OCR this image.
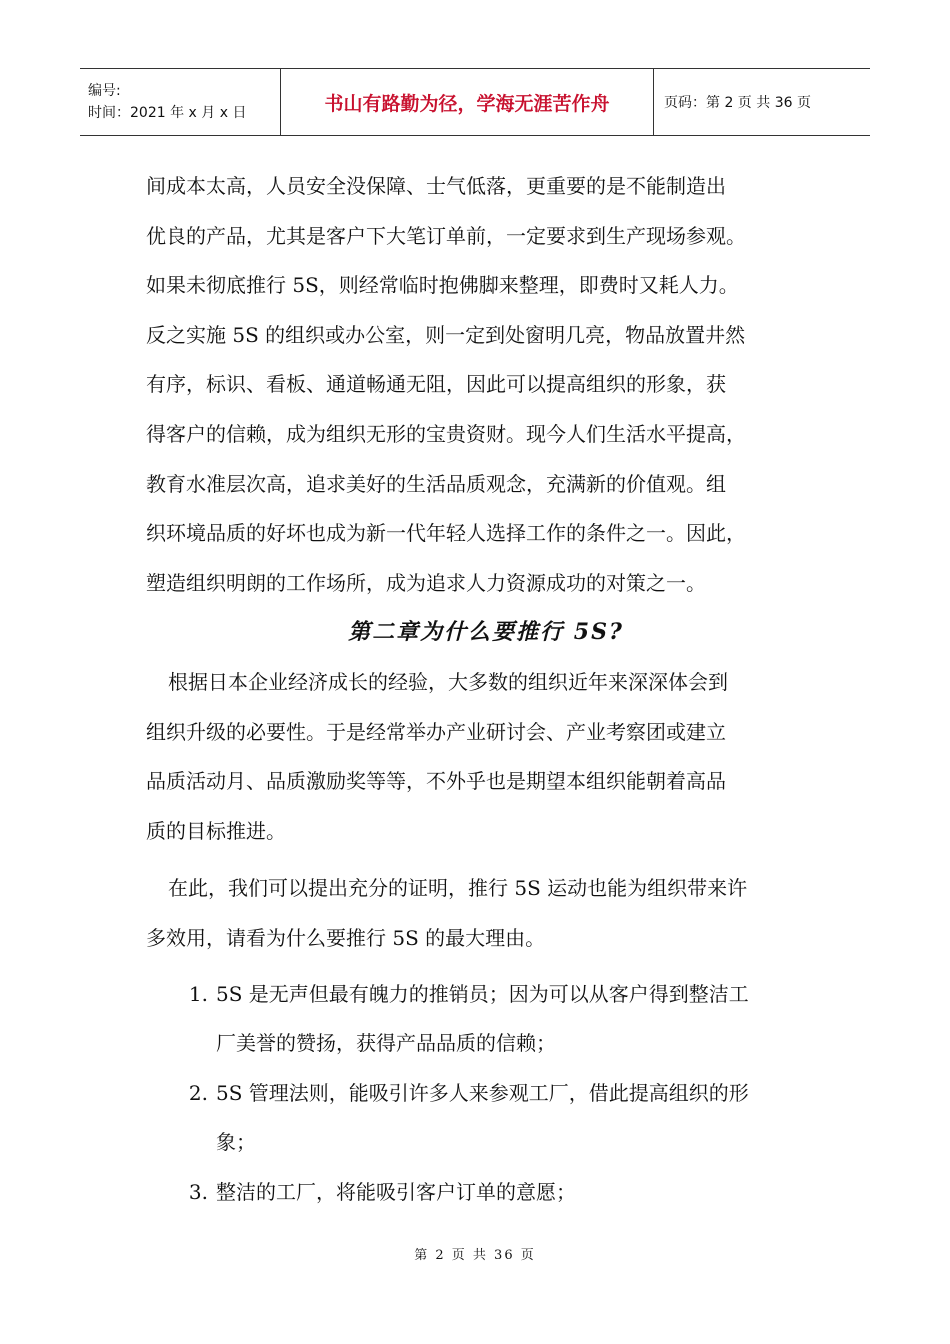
编号:
时间：2021 年 x 月 x 日	书山有路勤为径，学海无涯苦作舟	页码：第 2 页 共 36 页

间成本太高，人员安全没保障、士气低落，更重要的是不能制造出

优良的产品，尤其是客户下大笔订单前，一定要求到生产现场参观。

如果未彻底推行 5S，则经常临时抱佛脚来整理，即费时又耗人力。

反之实施 5S 的组织或办公室，则一定到处窗明几亮，物品放置井然

有序，标识、看板、通道畅通无阻，因此可以提高组织的形象，获

得客户的信赖，成为组织无形的宝贵资财。现今人们生活水平提高，

教育水准层次高，追求美好的生活品质观念，充满新的价值观。组

织环境品质的好坏也成为新一代年轻人选择工作的条件之一。因此，

塑造组织明朗的工作场所，成为追求人力资源成功的对策之一。

第二章为什么要推行 5S?

根据日本企业经济成长的经验，大多数的组织近年来深深体会到

组织升级的必要性。于是经常举办产业研讨会、产业考察团或建立

品质活动月、品质激励奖等等，不外乎也是期望本组织能朝着高品

质的目标推进。

在此，我们可以提出充分的证明，推行 5S 运动也能为组织带来许

多效用，请看为什么要推行 5S 的最大理由。

1. 5S 是无声但最有魄力的推销员；因为可以从客户得到整洁工
厂美誉的赞扬，获得产品品质的信赖；
2. 5S 管理法则，能吸引许多人来参观工厂，借此提高组织的形
象；
3. 整洁的工厂，将能吸引客户订单的意愿；
第 2 页 共 36 页
